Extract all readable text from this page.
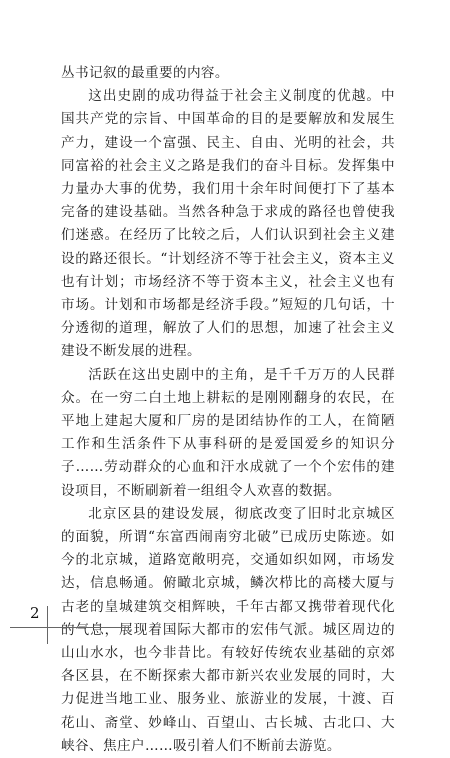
丛书记叙的最重要的内容。

这出史剧的成功得益于社会主义制度的优越。中国共产党的宗旨、中国革命的目的是要解放和发展生产力，建设一个富强、民主、自由、光明的社会，共同富裕的社会主义之路是我们的奋斗目标。发挥集中力量办大事的优势，我们用十余年时间便打下了基本完备的建设基础。当然各种急于求成的路径也曾使我们迷惑。在经历了比较之后，人们认识到社会主义建设的路还很长。“计划经济不等于社会主义，资本主义也有计划；市场经济不等于资本主义，社会主义也有市场。计划和市场都是经济手段。”短短的几句话，十分透彻的道理，解放了人们的思想，加速了社会主义建设不断发展的进程。

活跃在这出史剧中的主角，是千千万万的人民群众。在一穷二白土地上耕耘的是刚刚翻身的农民，在平地上建起大厦和厂房的是团结协作的工人，在简陋工作和生活条件下从事科研的是爱国爱乡的知识分子……劳动群众的心血和汗水成就了一个个宏伟的建设项目，不断刷新着一组组令人欢喜的数据。

北京区县的建设发展，彻底改变了旧时北京城区的面貌，所谓“东富西闹南穷北破”已成历史陈迹。如今的北京城，道路宽敞明亮，交通如织如网，市场发达，信息畅通。俯瞰北京城，鳞次栉比的高楼大厦与古老的皇城建筑交相辉映，千年古都又携带着现代化的气息，展现着国际大都市的宏伟气派。城区周边的山山水水，也今非昔比。有较好传统农业基础的京郊各区县，在不断探索大都市新兴农业发展的同时，大力促进当地工业、服务业、旅游业的发展，十渡、百花山、斋堂、妙峰山、百望山、古长城、古北口、大峡谷、焦庄户……吸引着人们不断前去游览。

2
